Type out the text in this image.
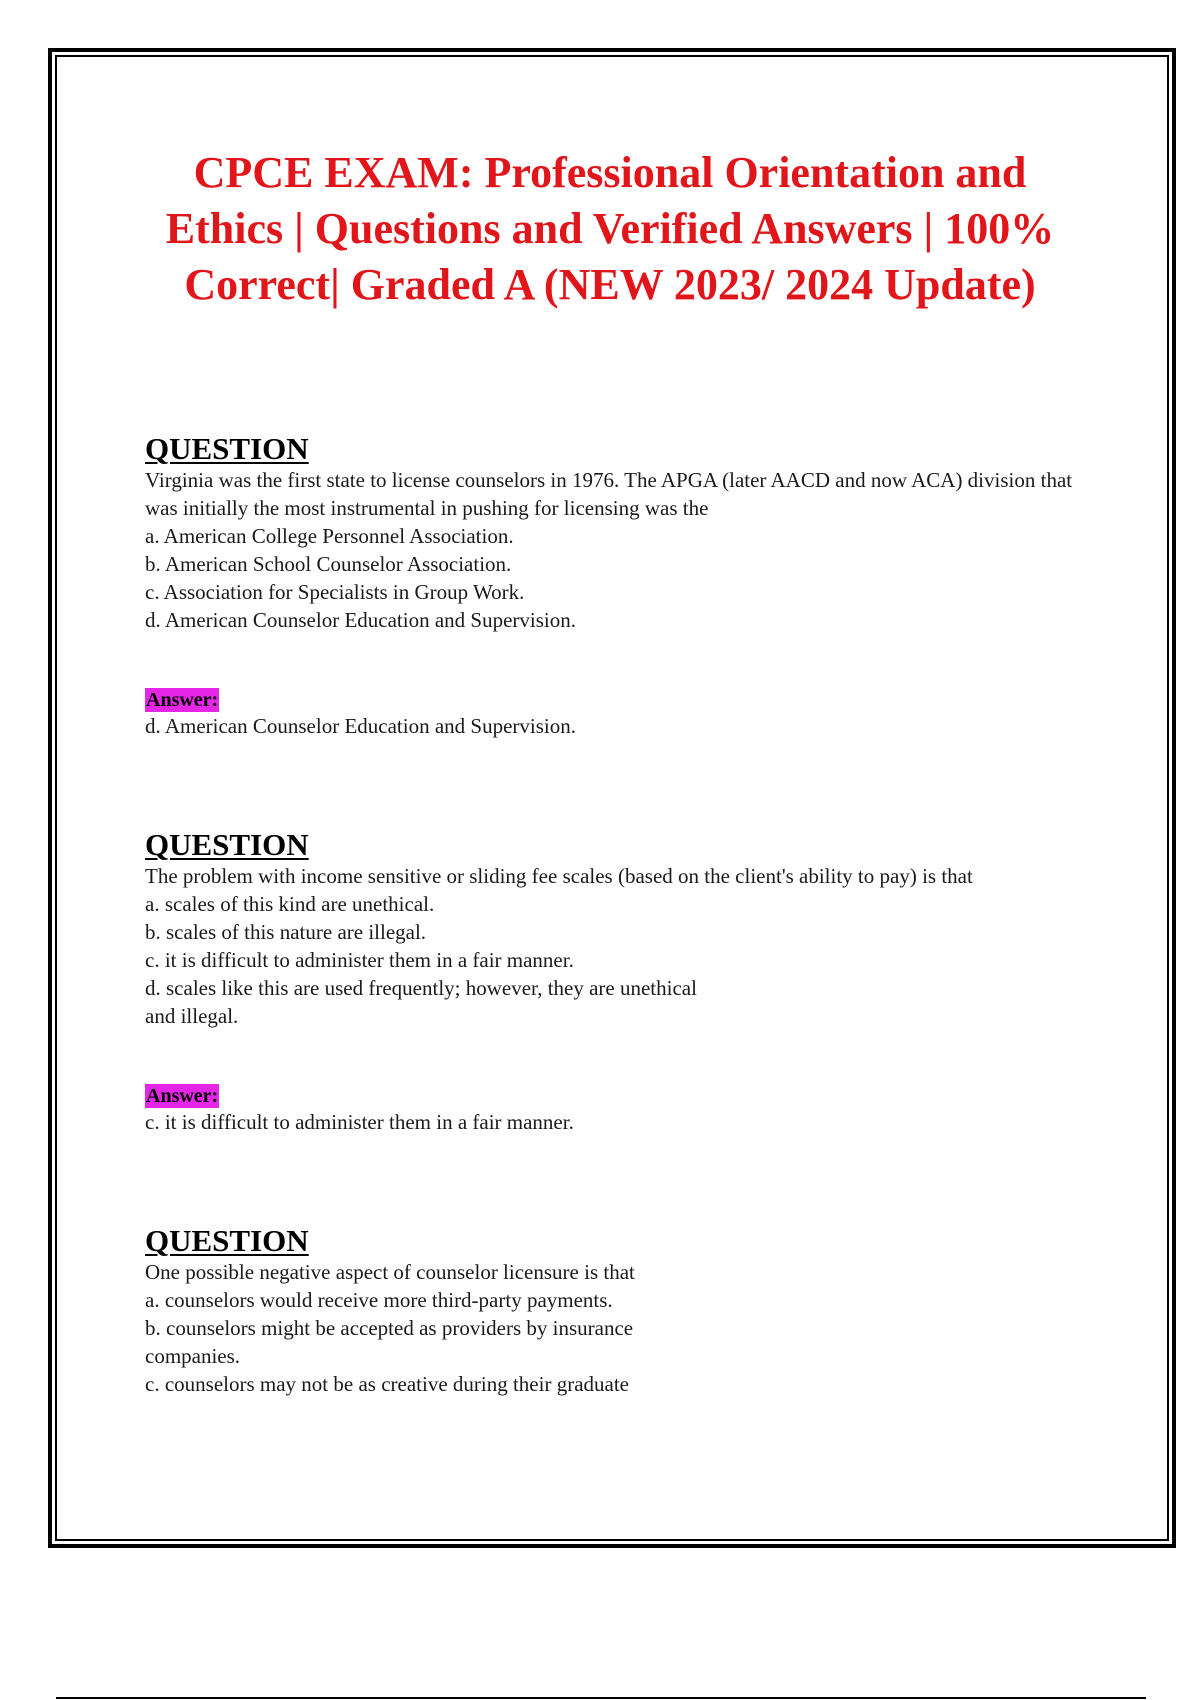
CPCE EXAM: Professional Orientation and Ethics | Questions and Verified Answers | 100% Correct| Graded A (NEW 2023/ 2024 Update)
QUESTION

Virginia was the first state to license counselors in 1976. The APGA (later AACD and now ACA) division that was initially the most instrumental in pushing for licensing was the

a. American College Personnel Association.

b. American School Counselor Association.

c. Association for Specialists in Group Work.

d. American Counselor Education and Supervision.

Answer:

d. American Counselor Education and Supervision.

QUESTION

The problem with income sensitive or sliding fee scales (based on the client's ability to pay) is that

a. scales of this kind are unethical.

b. scales of this nature are illegal.

c. it is difficult to administer them in a fair manner.

d. scales like this are used frequently; however, they are unethical and illegal.

Answer:

c. it is difficult to administer them in a fair manner.

QUESTION

One possible negative aspect of counselor licensure is that

a. counselors would receive more third-party payments.

b. counselors might be accepted as providers by insurance companies.

c. counselors may not be as creative during their graduate
